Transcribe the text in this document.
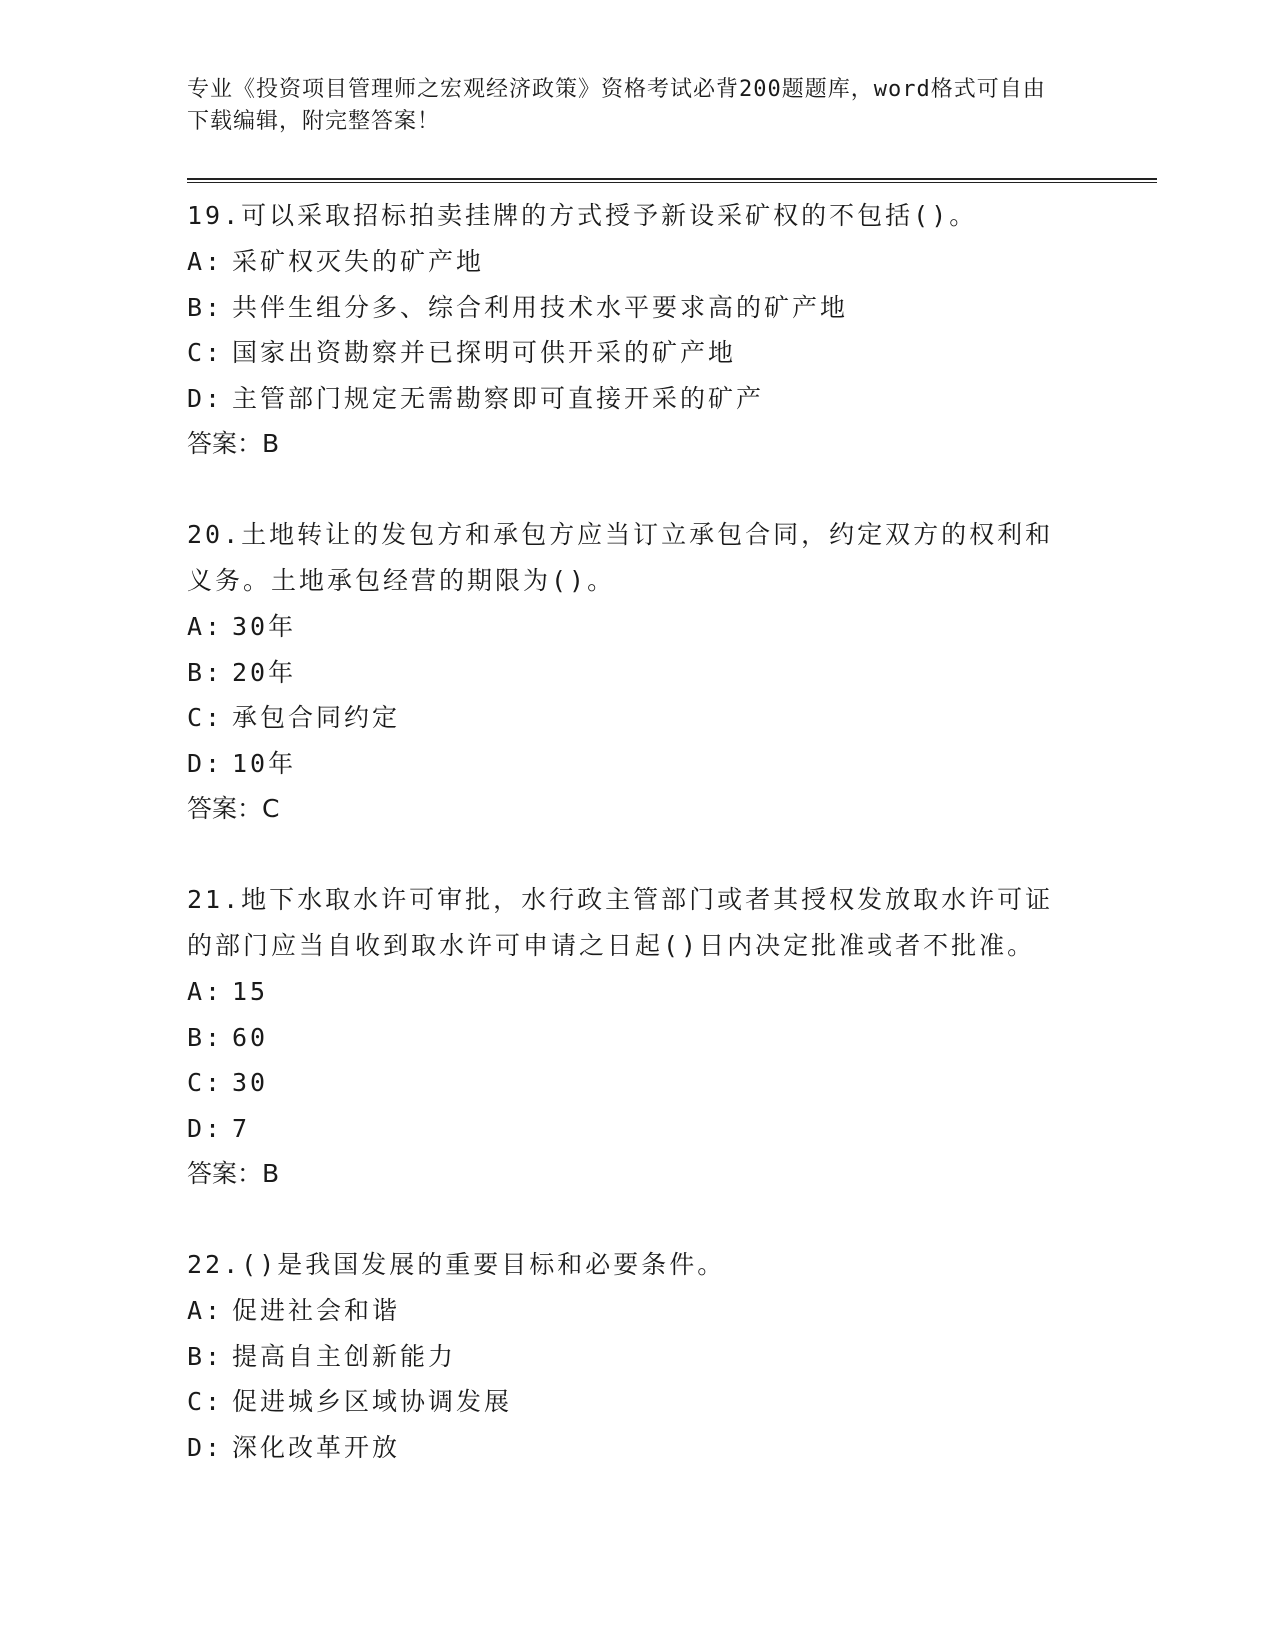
专业《投资项目管理师之宏观经济政策》资格考试必背200题题库，word格式可自由下载编辑，附完整答案！
19.可以采取招标拍卖挂牌的方式授予新设采矿权的不包括()。
A: 采矿权灭失的矿产地
B: 共伴生组分多、综合利用技术水平要求高的矿产地
C: 国家出资勘察并已探明可供开采的矿产地
D: 主管部门规定无需勘察即可直接开采的矿产
答案：B
20.土地转让的发包方和承包方应当订立承包合同，约定双方的权利和义务。土地承包经营的期限为()。
A: 30年
B: 20年
C: 承包合同约定
D: 10年
答案：C
21.地下水取水许可审批，水行政主管部门或者其授权发放取水许可证的部门应当自收到取水许可申请之日起()日内决定批准或者不批准。
A: 15
B: 60
C: 30
D: 7
答案：B
22.()是我国发展的重要目标和必要条件。
A: 促进社会和谐
B: 提高自主创新能力
C: 促进城乡区域协调发展
D: 深化改革开放
